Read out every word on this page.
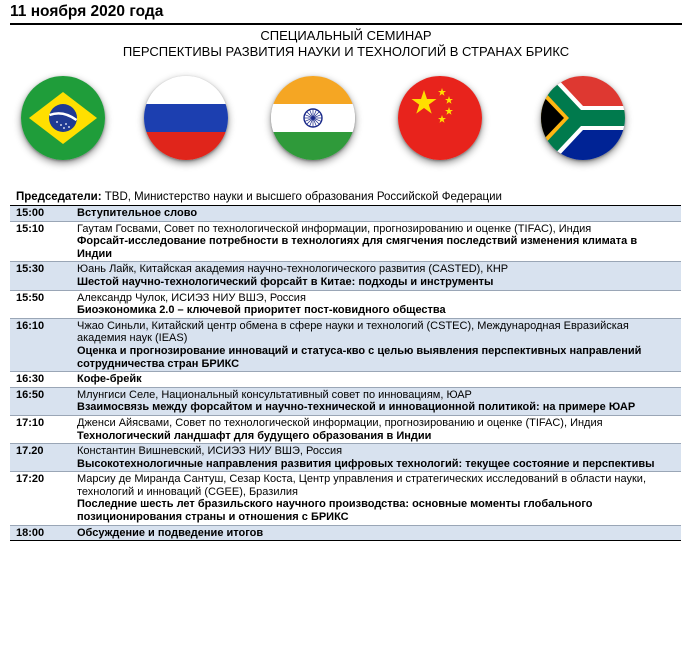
11 ноября 2020 года
СПЕЦИАЛЬНЫЙ СЕМИНАР
ПЕРСПЕКТИВЫ РАЗВИТИЯ НАУКИ И ТЕХНОЛОГИЙ В СТРАНАХ БРИКС
Председатели: TBD, Министерство науки и высшего образования Российской Федерации
15:00	Вступительное слово
15:10	Гаутам Госвами, Совет по технологической информации, прогнозированию и оценке (TIFAC), Индия
Форсайт-исследование потребности в технологиях для смягчения последствий изменения климата в Индии
15:30	Юань Лайк, Китайская академия научно-технологического развития (CASTED), КНР
Шестой научно-технологический форсайт в Китае: подходы и инструменты
15:50	Александр Чулок, ИСИЭЗ НИУ ВШЭ, Россия
Биоэкономика 2.0 – ключевой приоритет пост-ковидного общества
16:10	Чжао Синьли, Китайский центр обмена в сфере науки и технологий (CSTEC), Международная Евразийская академия наук (IEAS)
Оценка и прогнозирование инноваций и статуса-кво с целью выявления перспективных направлений сотрудничества стран БРИКС
16:30	Кофе-брейк
16:50	Млунгиси Селе, Национальный консультативный совет по инновациям, ЮАР
Взаимосвязь между форсайтом и научно-технической и инновационной политикой: на примере ЮАР
17:10	Дженси Айясвами, Совет по технологической информации, прогнозированию и оценке (TIFAC), Индия
Технологический ландшафт для будущего образования в Индии
17.20	Константин Вишневский, ИСИЭЗ НИУ ВШЭ, Россия
Высокотехнологичные направления развития цифровых технологий: текущее состояние и перспективы
17:20	Марсиу де Миранда Сантуш, Сезар Коста, Центр управления и стратегических исследований в области науки, технологий и инноваций (CGEE), Бразилия
Последние шесть лет бразильского научного производства: основные моменты глобального позиционирования страны и отношения с БРИКС
18:00	Обсуждение и подведение итогов
